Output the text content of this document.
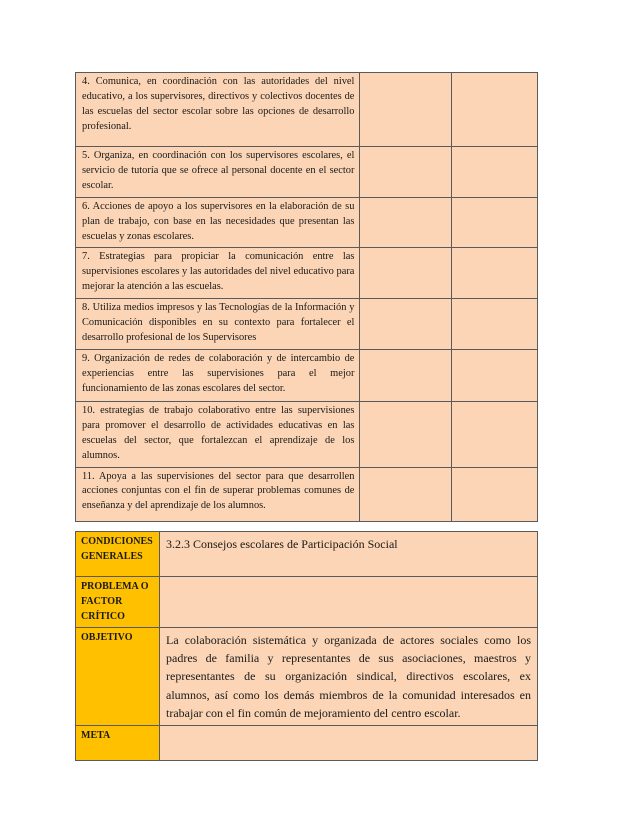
4. Comunica, en coordinación con las autoridades del nivel educativo, a los supervisores, directivos y colectivos docentes de las escuelas del sector escolar sobre las opciones de desarrollo profesional.		
5. Organiza, en coordinación con los supervisores escolares, el servicio de tutoría que se ofrece al personal docente en el sector escolar.		
6. Acciones de apoyo a los supervisores en la elaboración de su plan de trabajo, con base en las necesidades que presentan las escuelas y zonas escolares.		
7. Estrategias para propiciar la comunicación entre las supervisiones escolares y las autoridades del nivel educativo para mejorar la atención a las escuelas.		
8. Utiliza medios impresos y las Tecnologías de la Información y Comunicación disponibles en su contexto para fortalecer el desarrollo profesional de los Supervisores		
9. Organización de redes de colaboración y de intercambio de experiencias entre las supervisiones para el mejor funcionamiento de las zonas escolares del sector.		
10. estrategias de trabajo colaborativo entre las supervisiones para promover el desarrollo de actividades educativas en las escuelas del sector, que fortalezcan el aprendizaje de los alumnos.		
11. Apoya a las supervisiones del sector para que desarrollen acciones conjuntas con el fin de superar problemas comunes de enseñanza y del aprendizaje de los alumnos.		
CONDICIONES GENERALES	3.2.3 Consejos escolares de Participación Social
PROBLEMA O FACTOR CRÍTICO	
OBJETIVO	La colaboración sistemática y organizada de actores sociales como los padres de familia y representantes de sus asociaciones, maestros y representantes de su organización sindical, directivos escolares, ex alumnos, así como los demás miembros de la comunidad interesados en trabajar con el fin común de mejoramiento del centro escolar.
META	
